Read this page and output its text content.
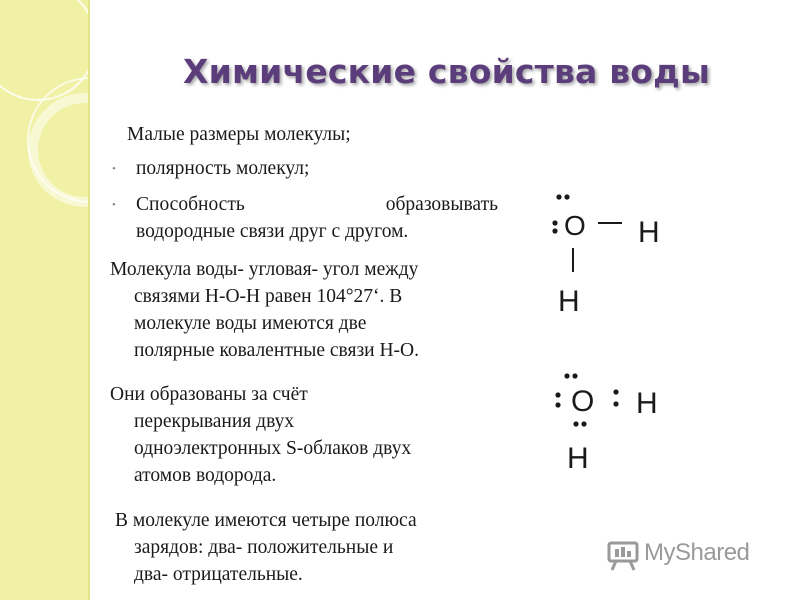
Химические свойства воды

Малые размеры молекулы;

• полярность молекул;

• Способность	образовывать
водородные связи друг с другом.
Молекула воды- угловая- угол между
связями Н-О-Н равен 104°27‘. В
молекуле воды имеются две
полярные ковалентные связи Н-О.
Они образованы за счёт
перекрывания двух
одноэлектронных S-облаков двух
атомов водорода.
В молекуле имеются четыре полюса
зарядов: два- положительные и
два- отрицательные.
O H
H
O H
H
MyShared
